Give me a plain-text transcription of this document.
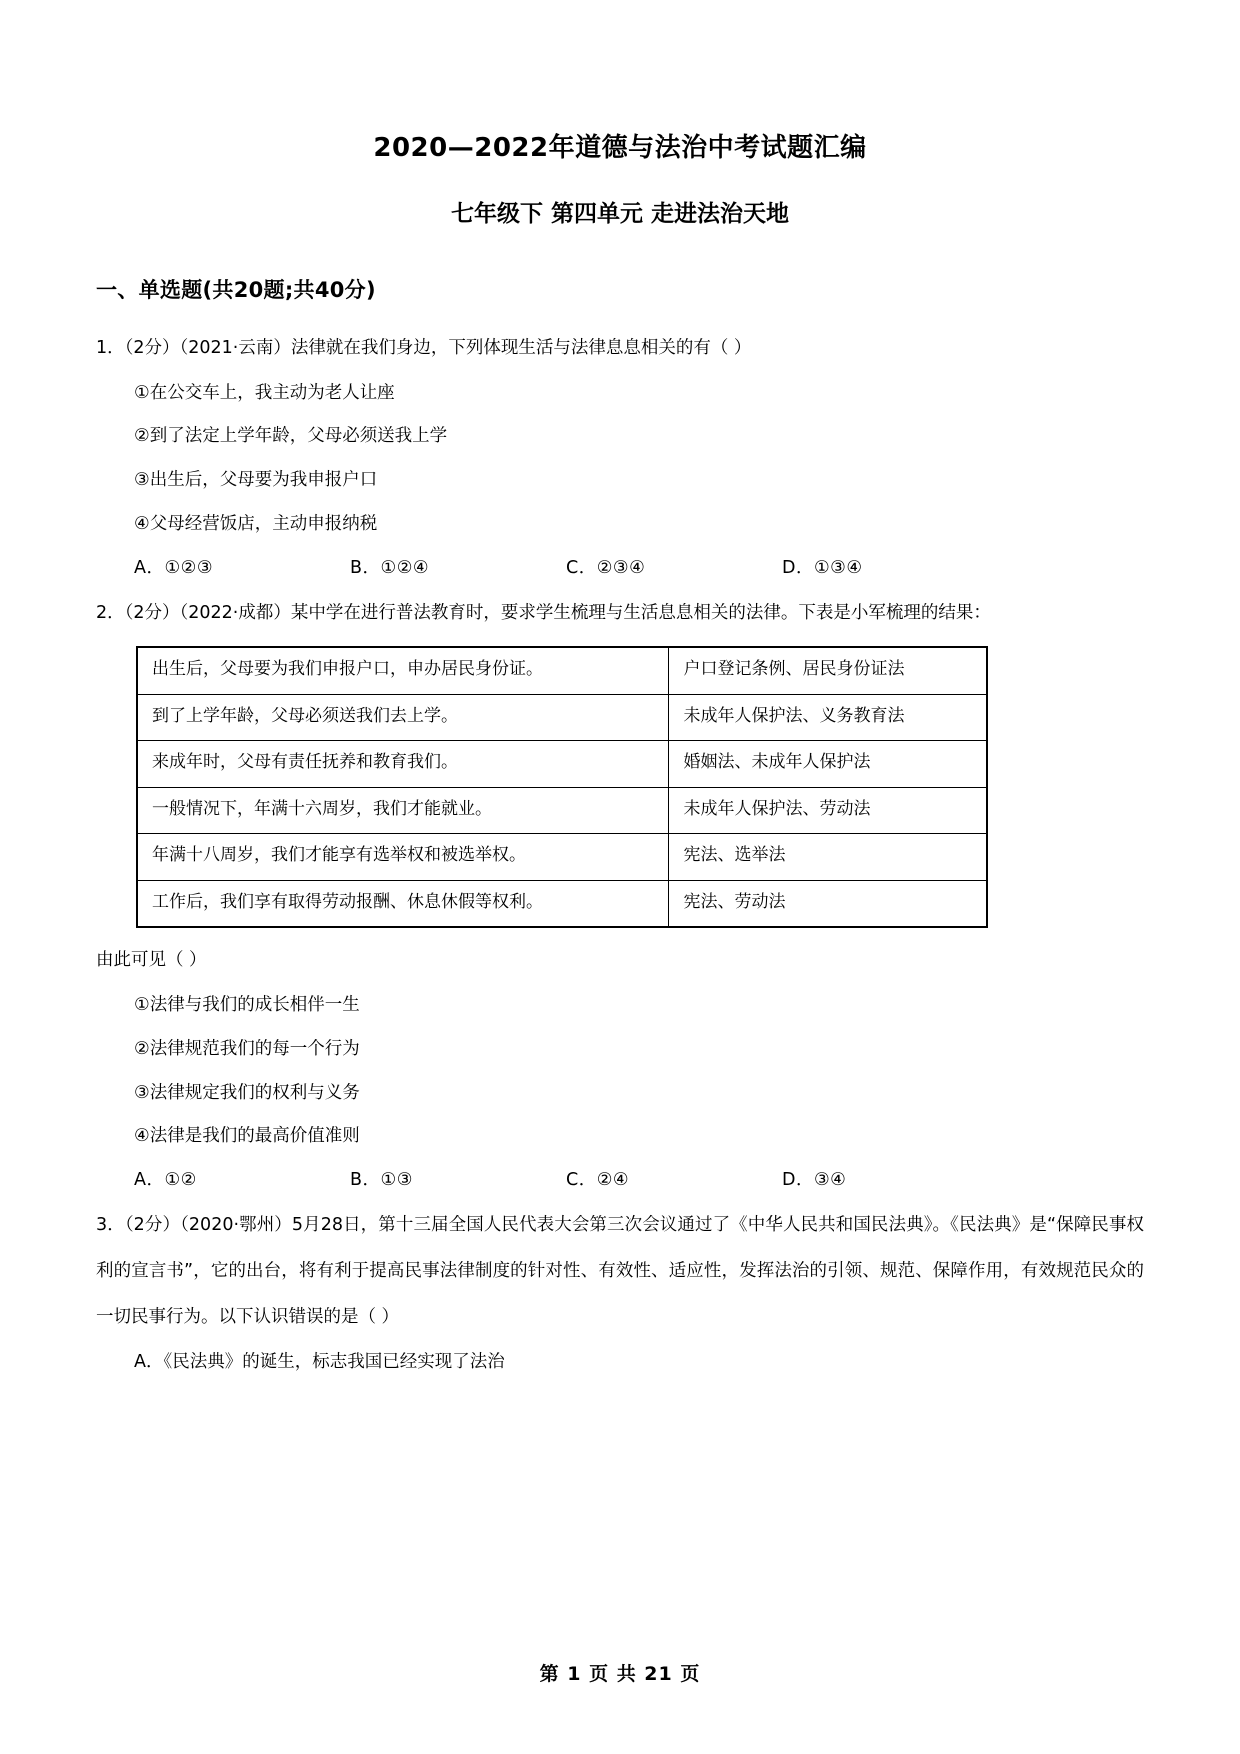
2020—2022年道德与法治中考试题汇编
七年级下 第四单元 走进法治天地
一、单选题(共20题;共40分)

1．（2分）（2021·云南）法律就在我们身边，下列体现生活与法律息息相关的有（ ）

①在公交车上，我主动为老人让座
②到了法定上学年龄，父母必须送我上学
③出生后，父母要为我申报户口
④父母经营饭店，主动申报纳税
A．①②③	B．①②④	C．②③④	D．①③④

2．（2分）（2022·成都）某中学在进行普法教育时，要求学生梳理与生活息息相关的法律。下表是小军梳理的结果：

出生后，父母要为我们申报户口，申办居民身份证。	户口登记条例、居民身份证法
到了上学年龄，父母必须送我们去上学。	未成年人保护法、义务教育法
来成年时，父母有责任抚养和教育我们。	婚姻法、未成年人保护法
一般情况下，年满十六周岁，我们才能就业。	未成年人保护法、劳动法
年满十八周岁，我们才能享有选举权和被选举权。	宪法、选举法
工作后，我们享有取得劳动报酬、休息休假等权利。	宪法、劳动法

由此可见（ ）

①法律与我们的成长相伴一生
②法律规范我们的每一个行为
③法律规定我们的权利与义务
④法律是我们的最高价值准则
A．①②	B．①③	C．②④	D．③④

3．（2分）（2020·鄂州）5月28日，第十三届全国人民代表大会第三次会议通过了《中华人民共和国民法典》。《民法典》是“保障民事权利的宣言书”，它的出台，将有利于提高民事法律制度的针对性、有效性、适应性，发挥法治的引领、规范、保障作用，有效规范民众的一切民事行为。以下认识错误的是（ ）

A．《民法典》的诞生，标志我国已经实现了法治
第 1 页 共 21 页
